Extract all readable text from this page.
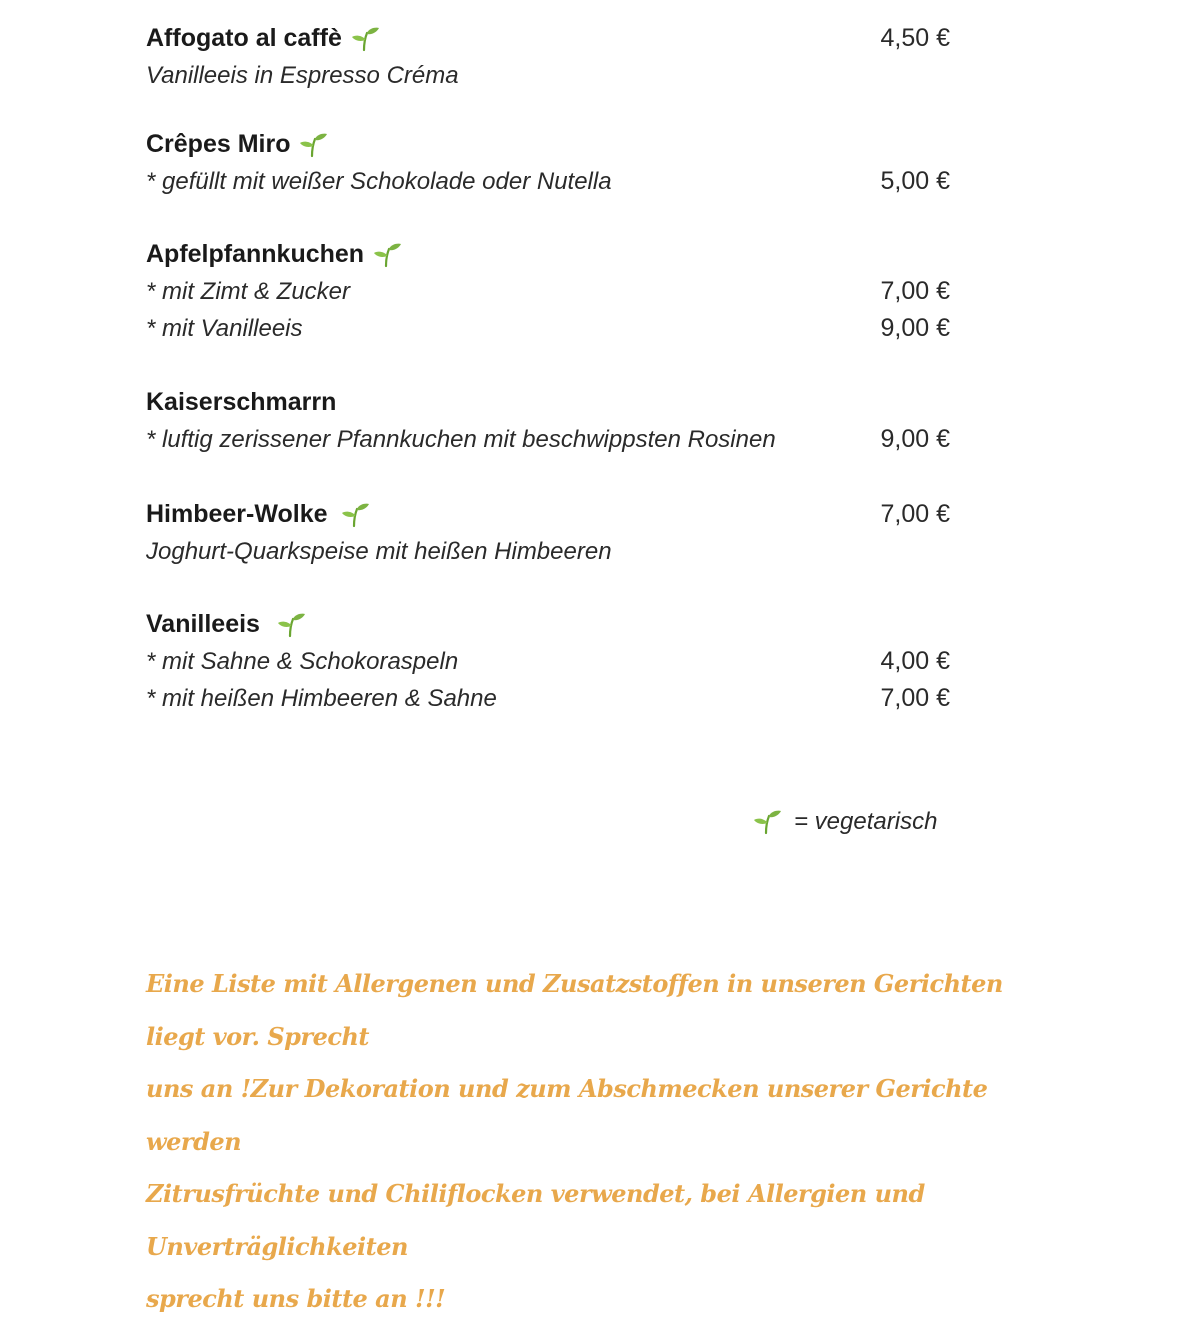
Affogato al caffè	4,50 €
Vanilleeis in Espresso Créma
Crêpes Miro
* gefüllt mit weißer Schokolade oder Nutella	5,00 €
Apfelpfannkuchen
* mit Zimt & Zucker	7,00 €
* mit Vanilleeis	9,00 €
Kaiserschmarrn
* luftig zerissener Pfannkuchen mit beschwippsten Rosinen	9,00 €
Himbeer-Wolke	7,00 €
Joghurt-Quarkspeise mit heißen Himbeeren
Vanilleeis
* mit Sahne & Schokoraspeln	4,00 €
* mit heißen Himbeeren & Sahne	7,00 €
= vegetarisch
Eine Liste mit Allergenen und Zusatzstoffen in unseren Gerichten liegt vor. Sprecht
uns an !Zur Dekoration und zum Abschmecken unserer Gerichte werden
Zitrusfrüchte und Chiliflocken verwendet, bei Allergien und Unverträglichkeiten
sprecht uns bitte an !!!
